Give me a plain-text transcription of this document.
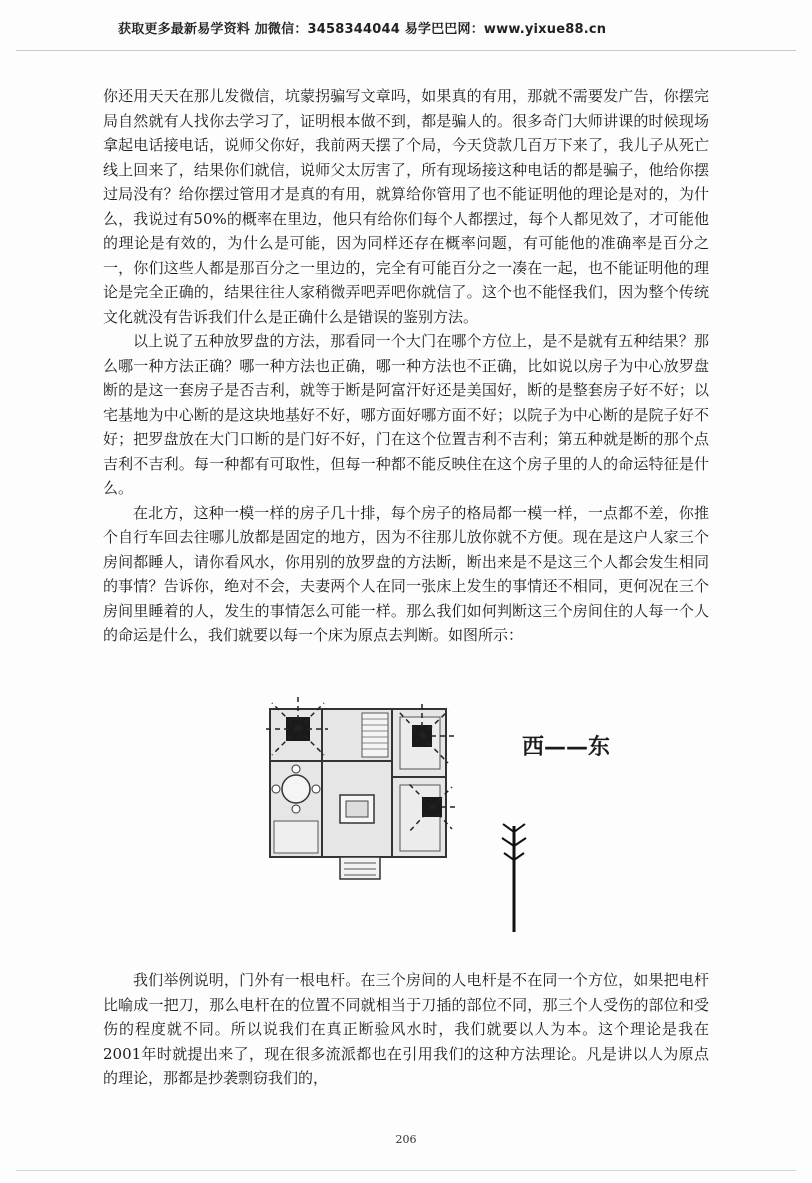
获取更多最新易学资料 加微信：3458344044 易学巴巴网：www.yixue88.cn

你还用天天在那儿发微信，坑蒙拐骗写文章吗，如果真的有用，那就不需要发广告，你摆完局自然就有人找你去学习了，证明根本做不到，都是骗人的。很多奇门大师讲课的时候现场拿起电话接电话，说师父你好，我前两天摆了个局，今天贷款几百万下来了，我儿子从死亡线上回来了，结果你们就信，说师父太厉害了，所有现场接这种电话的都是骗子，他给你摆过局没有？给你摆过管用才是真的有用，就算给你管用了也不能证明他的理论是对的，为什么，我说过有50%的概率在里边，他只有给你们每个人都摆过，每个人都见效了，才可能他的理论是有效的，为什么是可能，因为同样还存在概率问题，有可能他的准确率是百分之一，你们这些人都是那百分之一里边的，完全有可能百分之一凑在一起，也不能证明他的理论是完全正确的，结果往往人家稍微弄吧弄吧你就信了。这个也不能怪我们，因为整个传统文化就没有告诉我们什么是正确什么是错误的鉴别方法。

以上说了五种放罗盘的方法，那看同一个大门在哪个方位上，是不是就有五种结果？那么哪一种方法正确？哪一种方法也正确，哪一种方法也不正确，比如说以房子为中心放罗盘断的是这一套房子是否吉利，就等于断是阿富汗好还是美国好，断的是整套房子好不好；以宅基地为中心断的是这块地基好不好，哪方面好哪方面不好；以院子为中心断的是院子好不好；把罗盘放在大门口断的是门好不好，门在这个位置吉利不吉利；第五种就是断的那个点吉利不吉利。每一种都有可取性，但每一种都不能反映住在这个房子里的人的命运特征是什么。

在北方，这种一模一样的房子几十排，每个房子的格局都一模一样，一点都不差，你推个自行车回去往哪儿放都是固定的地方，因为不往那儿放你就不方便。现在是这户人家三个房间都睡人，请你看风水，你用别的放罗盘的方法断，断出来是不是这三个人都会发生相同的事情？告诉你，绝对不会，夫妻两个人在同一张床上发生的事情还不相同，更何况在三个房间里睡着的人，发生的事情怎么可能一样。那么我们如何判断这三个房间住的人每一个人的命运是什么，我们就要以每一个床为原点去判断。如图所示：

西——东

我们举例说明，门外有一根电杆。在三个房间的人电杆是不在同一个方位，如果把电杆比喻成一把刀，那么电杆在的位置不同就相当于刀插的部位不同，那三个人受伤的部位和受伤的程度就不同。所以说我们在真正断验风水时，我们就要以人为本。这个理论是我在2001年时就提出来了，现在很多流派都也在引用我们的这种方法理论。凡是讲以人为原点的理论，那都是抄袭剽窃我们的，

206
